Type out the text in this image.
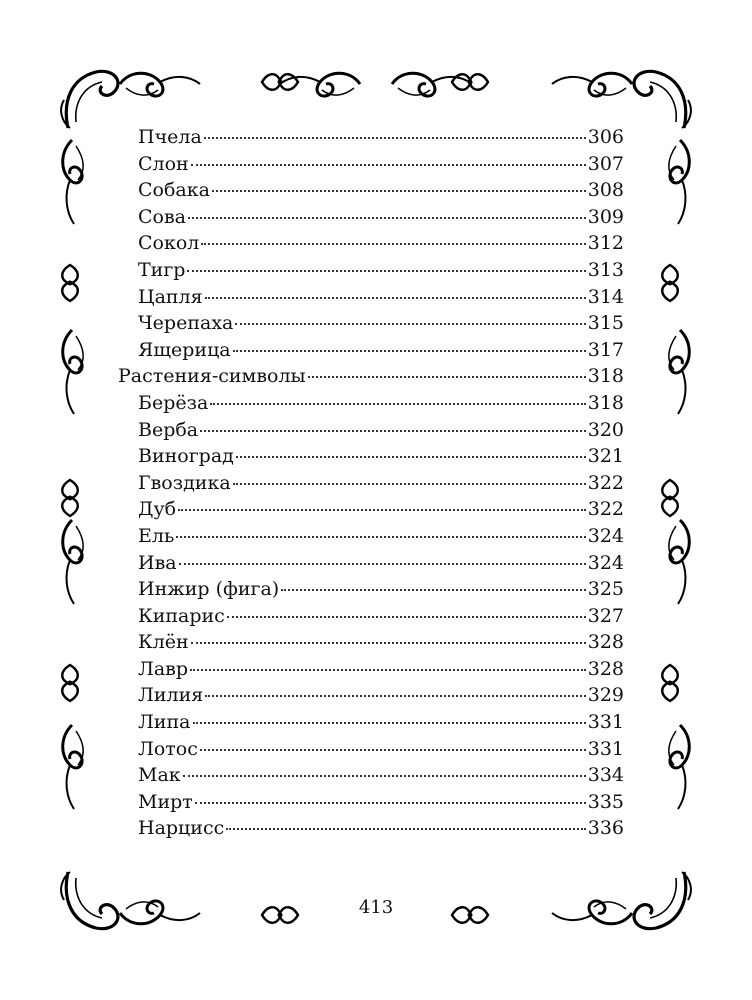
Пчела	306
Слон	307
Собака	308
Сова	309
Сокол	312
Тигр	313
Цапля	314
Черепаха	315
Ящерица	317
Растения-символы	318
Берёза	318
Верба	320
Виноград	321
Гвоздика	322
Дуб	322
Ель	324
Ива	324
Инжир (фига)	325
Кипарис	327
Клён	328
Лавр	328
Лилия	329
Липа	331
Лотос	331
Мак	334
Мирт	335
Нарцисс	336
413
